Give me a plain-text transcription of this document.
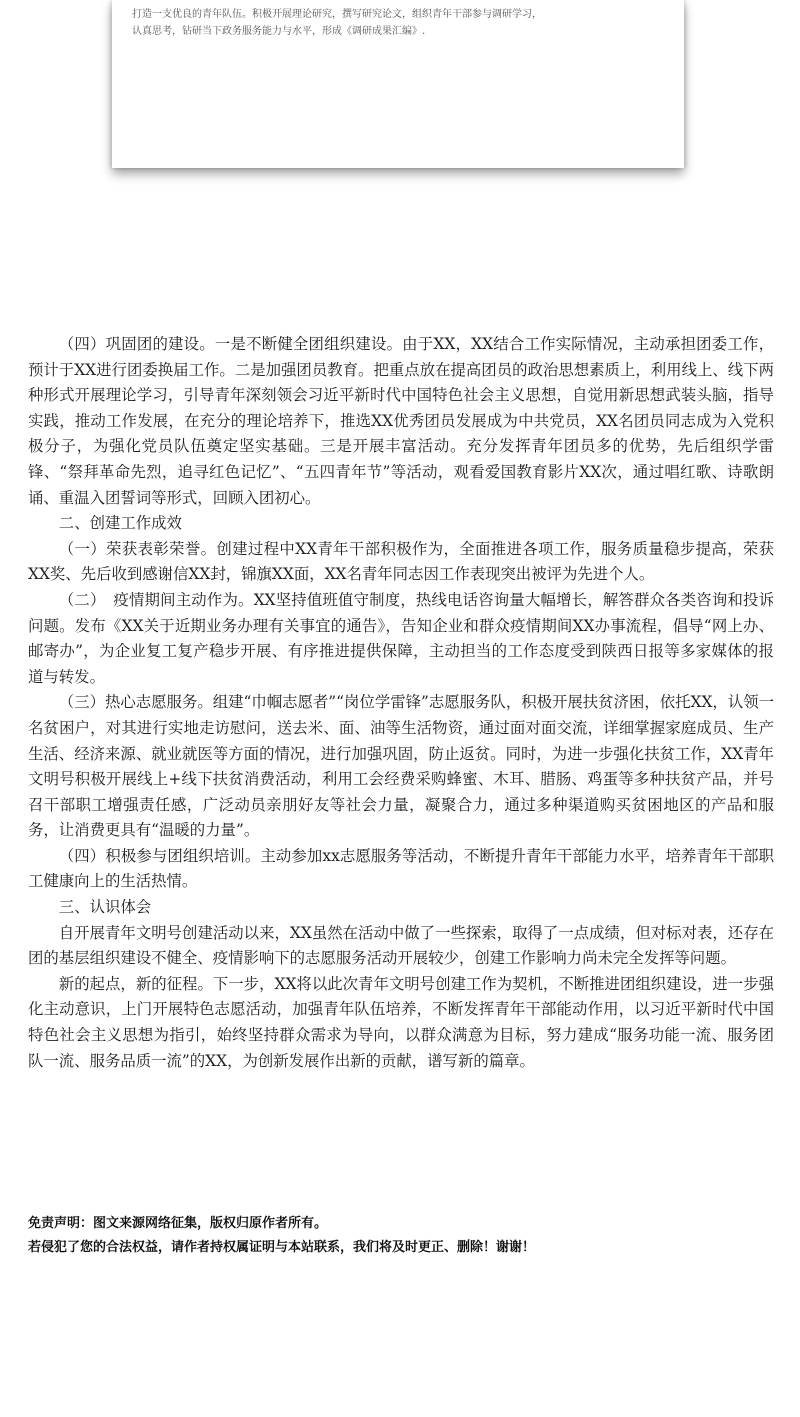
打造一支优良的青年队伍。积极开展理论研究，撰写研究论文，组织青年干部参与调研学习，

认真思考，钻研当下政务服务能力与水平，形成《调研成果汇编》.

（四）巩固团的建设。一是不断健全团组织建设。由于XX，XX结合工作实际情况，主动承担团委工作，预计于XX进行团委换届工作。二是加强团员教育。把重点放在提高团员的政治思想素质上，利用线上、线下两种形式开展理论学习，引导青年深刻领会习近平新时代中国特色社会主义思想，自觉用新思想武装头脑，指导实践，推动工作发展，在充分的理论培养下，推选XX优秀团员发展成为中共党员，XX名团员同志成为入党积极分子，为强化党员队伍奠定坚实基础。三是开展丰富活动。充分发挥青年团员多的优势，先后组织学雷锋、“祭拜革命先烈，追寻红色记忆”、“五四青年节”等活动，观看爱国教育影片XX次，通过唱红歌、诗歌朗诵、重温入团誓词等形式，回顾入团初心。

二、创建工作成效

（一）荣获表彰荣誉。创建过程中XX青年干部积极作为，全面推进各项工作，服务质量稳步提高，荣获XX奖、先后收到感谢信XX封，锦旗XX面，XX名青年同志因工作表现突出被评为先进个人。

（二）　疫情期间主动作为。XX坚持值班值守制度，热线电话咨询量大幅增长，解答群众各类咨询和投诉问题。发布《XX关于近期业务办理有关事宜的通告》，告知企业和群众疫情期间XX办事流程，倡导“网上办、邮寄办”，为企业复工复产稳步开展、有序推进提供保障，主动担当的工作态度受到陕西日报等多家媒体的报道与转发。

（三）热心志愿服务。组建“巾帼志愿者”“岗位学雷锋”志愿服务队，积极开展扶贫济困，依托XX，认领一名贫困户，对其进行实地走访慰问，送去米、面、油等生活物资，通过面对面交流，详细掌握家庭成员、生产生活、经济来源、就业就医等方面的情况，进行加强巩固，防止返贫。同时，为进一步强化扶贫工作，XX青年文明号积极开展线上+线下扶贫消费活动，利用工会经费采购蜂蜜、木耳、腊肠、鸡蛋等多种扶贫产品，并号召干部职工增强责任感，广泛动员亲朋好友等社会力量，凝聚合力，通过多种渠道购买贫困地区的产品和服务，让消费更具有“温暖的力量”。

（四）积极参与团组织培训。主动参加xx志愿服务等活动，不断提升青年干部能力水平，培养青年干部职工健康向上的生活热情。

三、认识体会

自开展青年文明号创建活动以来，XX虽然在活动中做了一些探索，取得了一点成绩，但对标对表，还存在团的基层组织建设不健全、疫情影响下的志愿服务活动开展较少，创建工作影响力尚未完全发挥等问题。

新的起点，新的征程。下一步，XX将以此次青年文明号创建工作为契机，不断推进团组织建设，进一步强化主动意识，上门开展特色志愿活动，加强青年队伍培养，不断发挥青年干部能动作用，以习近平新时代中国特色社会主义思想为指引，始终坚持群众需求为导向，以群众满意为目标，努力建成“服务功能一流、服务团队一流、服务品质一流”的XX，为创新发展作出新的贡献，谱写新的篇章。

免责声明：图文来源网络征集，版权归原作者所有。

若侵犯了您的合法权益，请作者持权属证明与本站联系，我们将及时更正、删除！谢谢！
